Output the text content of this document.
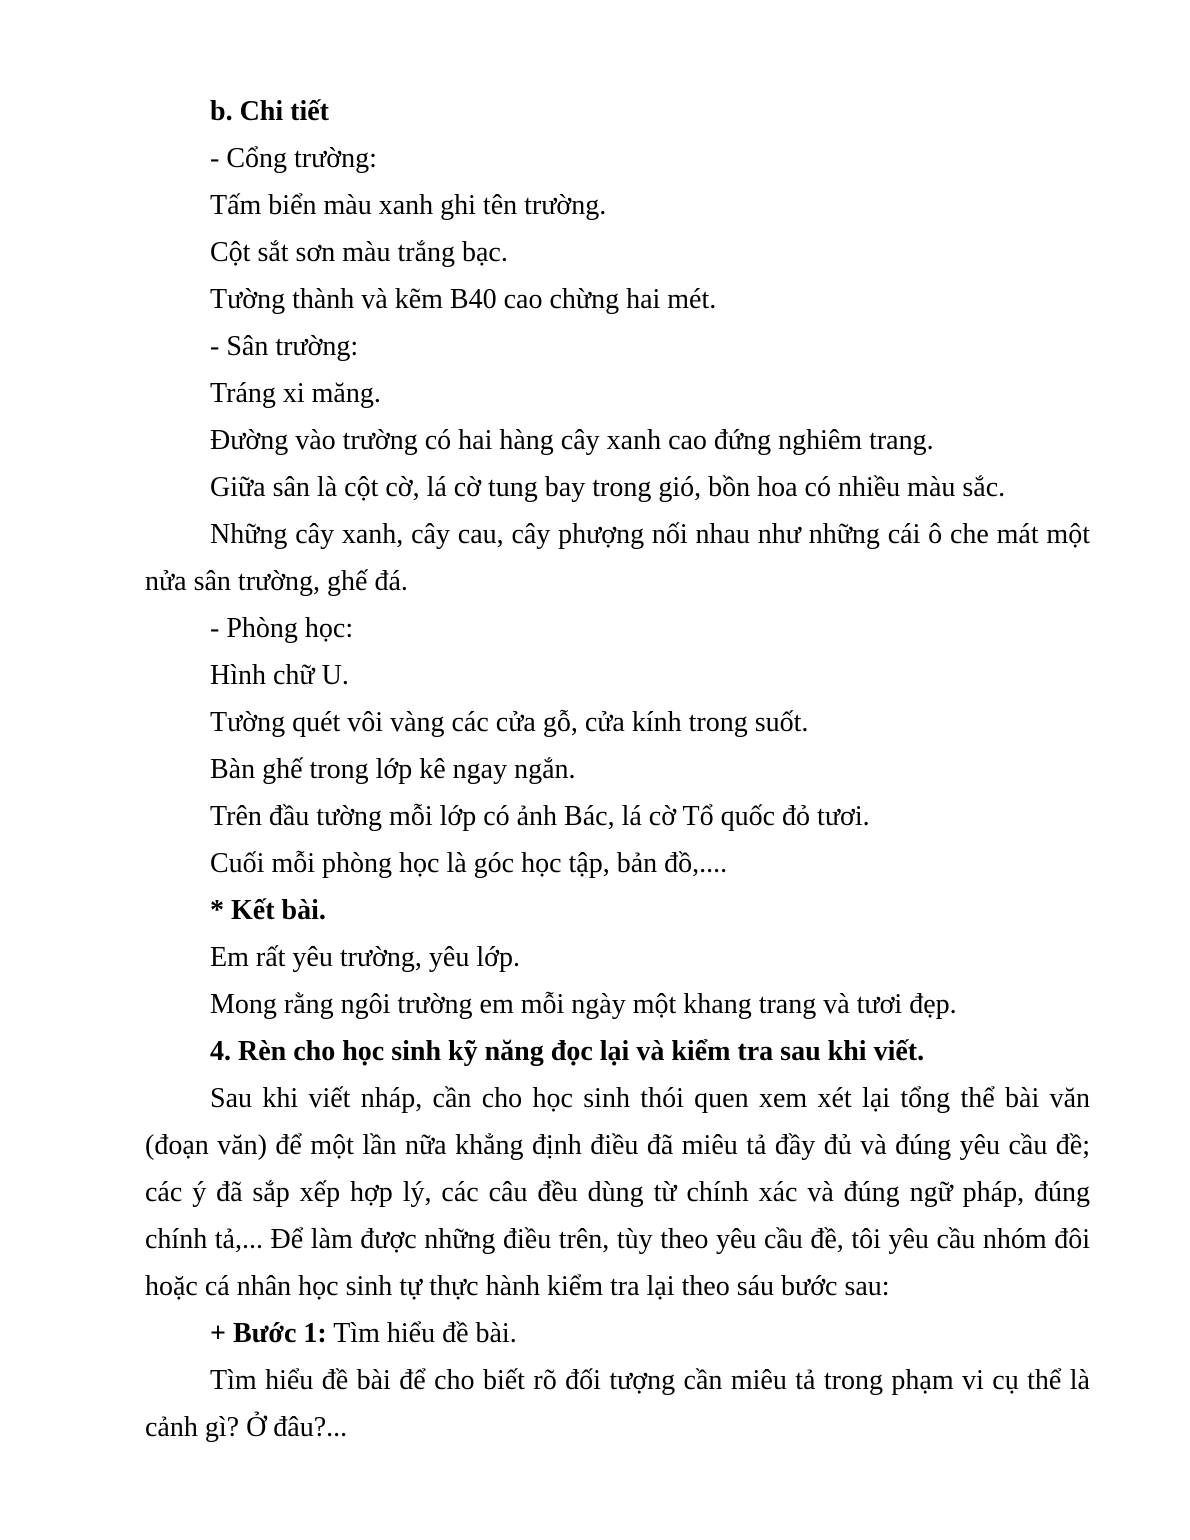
b. Chi tiết

- Cổng trường:

Tấm biển màu xanh ghi tên trường.

Cột sắt sơn màu trắng bạc.

Tường thành và kẽm B40 cao chừng hai mét.

- Sân trường:

Tráng xi măng.

Đường vào trường có hai hàng cây xanh cao đứng nghiêm trang.

Giữa sân là cột cờ, lá cờ tung bay trong gió, bồn hoa có nhiều màu sắc.

Những cây xanh, cây cau, cây phượng nối nhau như những cái ô che mát một nửa sân trường, ghế đá.

- Phòng học:

Hình chữ U.

Tường quét vôi vàng các cửa gỗ, cửa kính trong suốt.

Bàn ghế trong lớp kê ngay ngắn.

Trên đầu tường mỗi lớp có ảnh Bác, lá cờ Tổ quốc đỏ tươi.

Cuối mỗi phòng học là góc học tập, bản đồ,....

* Kết bài.

Em rất yêu trường, yêu lớp.

Mong rằng ngôi trường em mỗi ngày một khang trang và tươi đẹp.

4. Rèn cho học sinh kỹ năng đọc lại và kiểm tra sau khi viết.

Sau khi viết nháp, cần cho học sinh thói quen xem xét lại tổng thể bài văn (đoạn văn) để một lần nữa khẳng định điều đã miêu tả đầy đủ và đúng yêu cầu đề; các ý đã sắp xếp hợp lý, các câu đều dùng từ chính xác và đúng ngữ pháp, đúng chính tả,... Để làm được những điều trên, tùy theo yêu cầu đề, tôi yêu cầu nhóm đôi hoặc cá nhân học sinh tự thực hành kiểm tra lại theo sáu bước sau:

+ Bước 1: Tìm hiểu đề bài.

Tìm hiểu đề bài để cho biết rõ đối tượng cần miêu tả trong phạm vi cụ thể là cảnh gì? Ở đâu?...
